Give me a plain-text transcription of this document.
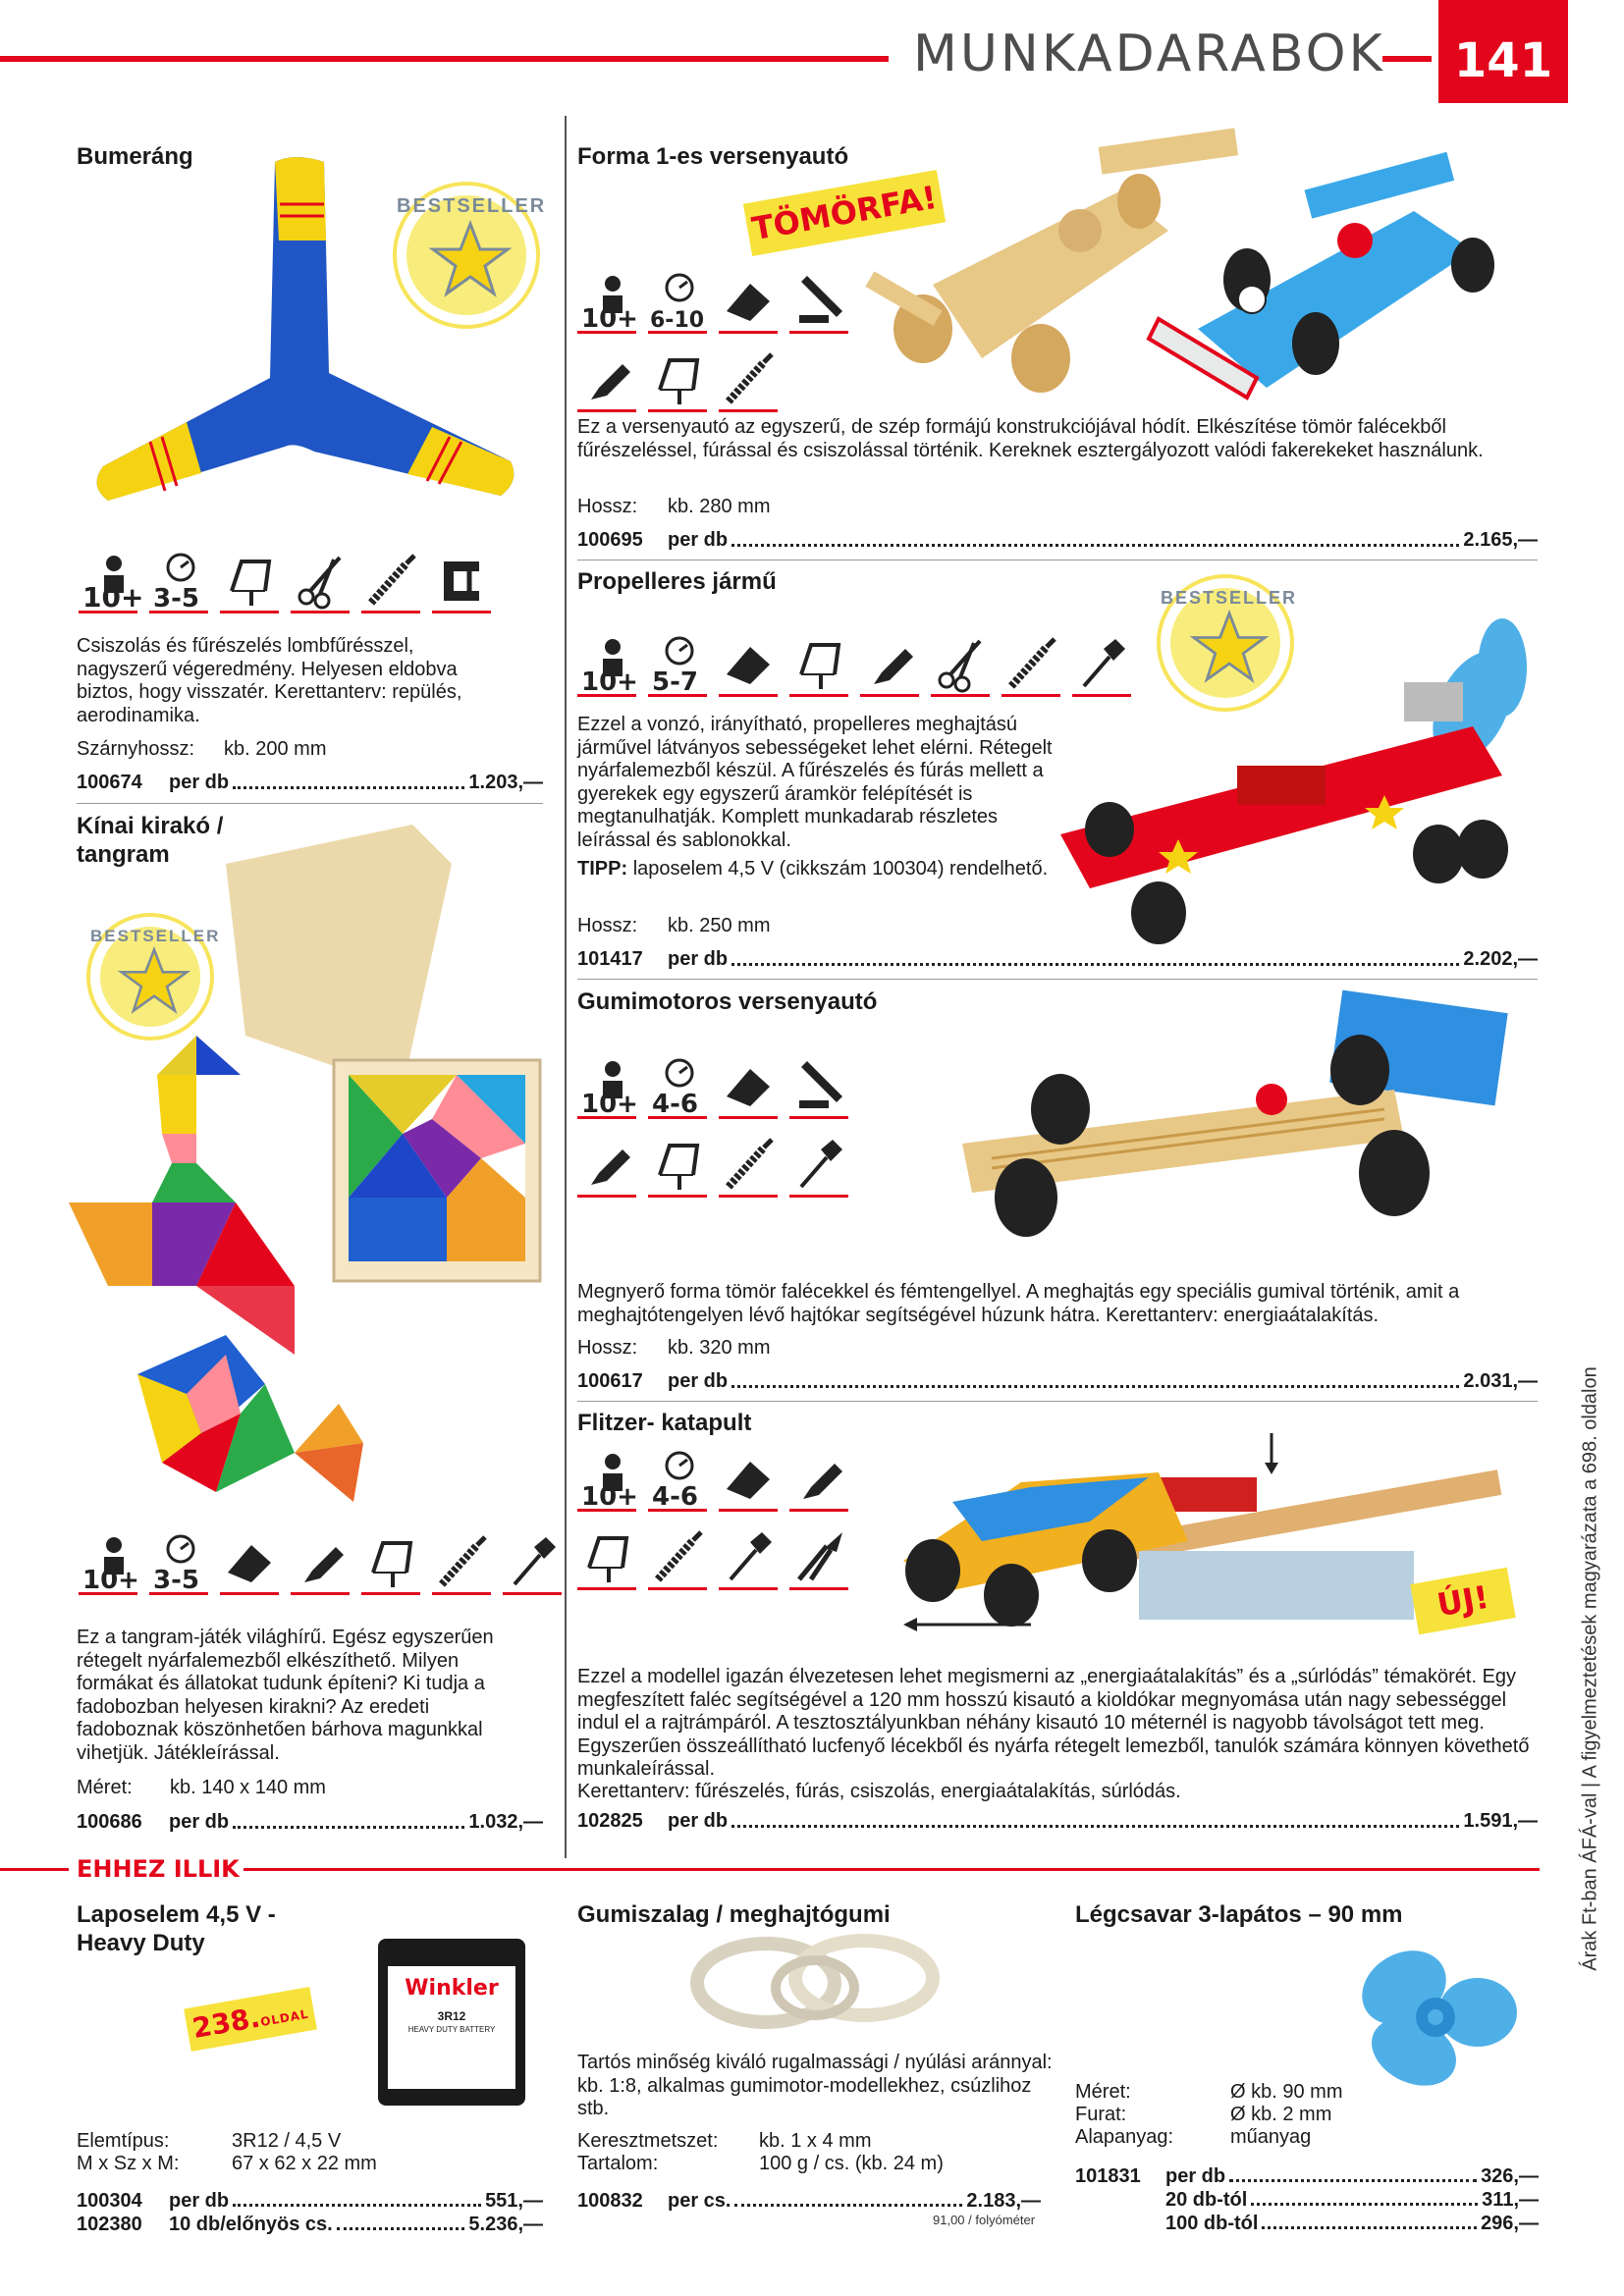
MUNKADARABOK	141
Bumeráng
BESTSELLER
10+ 3-5
Csiszolás és fűrészelés lombfűrésszel, nagyszerű végeredmény. Helyesen eldobva biztos, hogy visszatér. Kerettanterv: repülés, aerodinamika.
Szárnyhossz: kb. 200 mm
100674	per db	1.203,—
Kínai kirakó /
tangram
BESTSELLER
10+ 3-5
Ez a tangram-játék világhírű. Egész egyszerűen rétegelt nyárfalemezből elkészíthető. Milyen formákat és állatokat tudunk építeni? Ki tudja a fadobozban helyesen kirakni? Az eredeti fadoboznak köszönhetően bárhova magunkkal vihetjük. Játékleírással.
Méret: kb. 140 x 140 mm
100686	per db	1.032,—
Forma 1-es versenyautó
TÖMÖRFA!
10+ 6-10
Ez a versenyautó az egyszerű, de szép formájú konstrukciójával hódít. Elkészítése tömör falécekből fűrészeléssel, fúrással és csiszolással történik. Kereknek esztergályozott valódi fakerekeket használunk.
Hossz: kb. 280 mm
100695	per db	2.165,—
Propelleres jármű
BESTSELLER
10+ 5-7
Ezzel a vonzó, irányítható, propelleres meghajtású járművel látványos sebességeket lehet elérni. Rétegelt nyárfalemezből készül. A fűrészelés és fúrás mellett a gyerekek egy egyszerű áramkör felépítését is megtanulhatják. Komplett munkadarab részletes leírással és sablonokkal.
TIPP: laposelem 4,5 V (cikkszám 100304) rendelhető.
Hossz: kb. 250 mm
101417	per db	2.202,—
Gumimotoros versenyautó
10+ 4-6
Megnyerő forma tömör falécekkel és fémtengellyel. A meghajtás egy speciális gumival történik, amit a meghajtótengelyen lévő hajtókar segítségével húzunk hátra. Kerettanterv: energiaátalakítás.
Hossz: kb. 320 mm
100617	per db	2.031,—
Flitzer- katapult
ÚJ!
10+ 4-6
Ezzel a modellel igazán élvezetesen lehet megismerni az „energiaátalakítás” és a „súrlódás” témakörét. Egy megfeszített faléc segítségével a 120 mm hosszú kisautó a kioldókar megnyomása után nagy sebességgel indul el a rajtrámpáról. A tesztosztályunkban néhány kisautó 10 méternél is nagyobb távolságot tett meg. Egyszerűen összeállítható lucfenyő lécekből és nyárfa rétegelt lemezből, tanulók számára könnyen követhető munkaleírással.
Kerettanterv: fűrészelés, fúrás, csiszolás, energiaátalakítás, súrlódás.
102825	per db	1.591,—
EHHEZ ILLIK
Laposelem 4,5 V -
Heavy Duty
Winkler
3R12
HEAVY DUTY BATTERY
238.OLDAL
Elemtípus:	3R12 / 4,5 V
M x Sz x M:	67 x 62 x 22 mm
100304	per db	551,—
102380	10 db/előnyös cs.	5.236,—
Gumiszalag / meghajtógumi
Tartós minőség kiváló rugalmassági / nyúlási aránnyal: kb. 1:8, alkalmas gumimotor-modellekhez, csúzlihoz stb.
Keresztmetszet: kb. 1 x 4 mm
Tartalom:	100 g / cs. (kb. 24 m)
100832	per cs.	2.183,—
91,00 / folyóméter
Légcsavar 3-lapátos – 90 mm
Méret:	Ø kb. 90 mm
Furat:	Ø kb. 2 mm
Alapanyag:	műanyag
101831	per db	326,—
20 db-tól	311,—
100 db-tól	296,—
Árak Ft-ban ÁFÁ-val | A figyelmeztetések magyarázata a 698. oldalon
